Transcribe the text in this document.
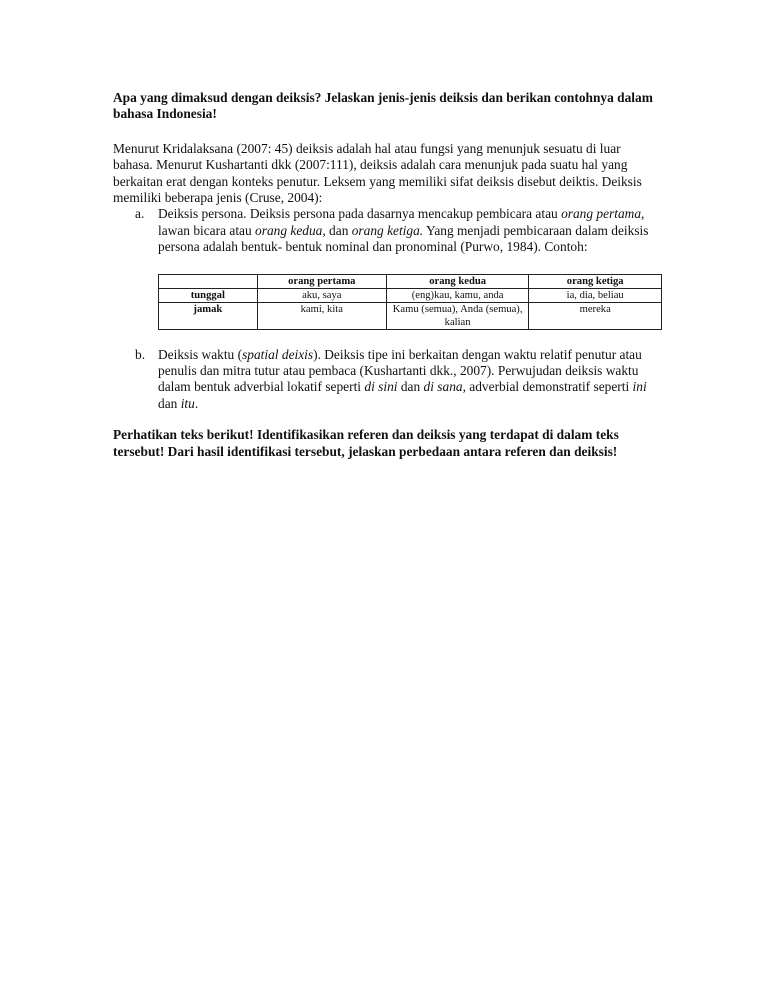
Apa yang dimaksud dengan deiksis? Jelaskan jenis-jenis deiksis dan berikan contohnya dalam bahasa Indonesia!

Menurut Kridalaksana (2007: 45) deiksis adalah hal atau fungsi yang menunjuk sesuatu di luar bahasa. Menurut Kushartanti dkk (2007:111), deiksis adalah cara menunjuk pada suatu hal yang berkaitan erat dengan konteks penutur. Leksem yang memiliki sifat deiksis disebut deiktis. Deiksis memiliki beberapa jenis (Cruse, 2004):

a. Deiksis persona. Deiksis persona pada dasarnya mencakup pembicara atau orang pertama, lawan bicara atau orang kedua, dan orang ketiga. Yang menjadi pembicaraan dalam deiksis persona adalah bentuk- bentuk nominal dan pronominal (Purwo, 1984). Contoh:
	orang pertama	orang kedua	orang ketiga
tunggal	aku, saya	(eng)kau, kamu, anda	ia, dia, beliau
jamak	kami, kita	Kamu (semua), Anda (semua), kalian	mereka
b. Deiksis waktu (spatial deixis). Deiksis tipe ini berkaitan dengan waktu relatif penutur atau penulis dan mitra tutur atau pembaca (Kushartanti dkk., 2007). Perwujudan deiksis waktu dalam bentuk adverbial lokatif seperti di sini dan di sana, adverbial demonstratif seperti ini dan itu.

Perhatikan teks berikut! Identifikasikan referen dan deiksis yang terdapat di dalam teks tersebut! Dari hasil identifikasi tersebut, jelaskan perbedaan antara referen dan deiksis!
